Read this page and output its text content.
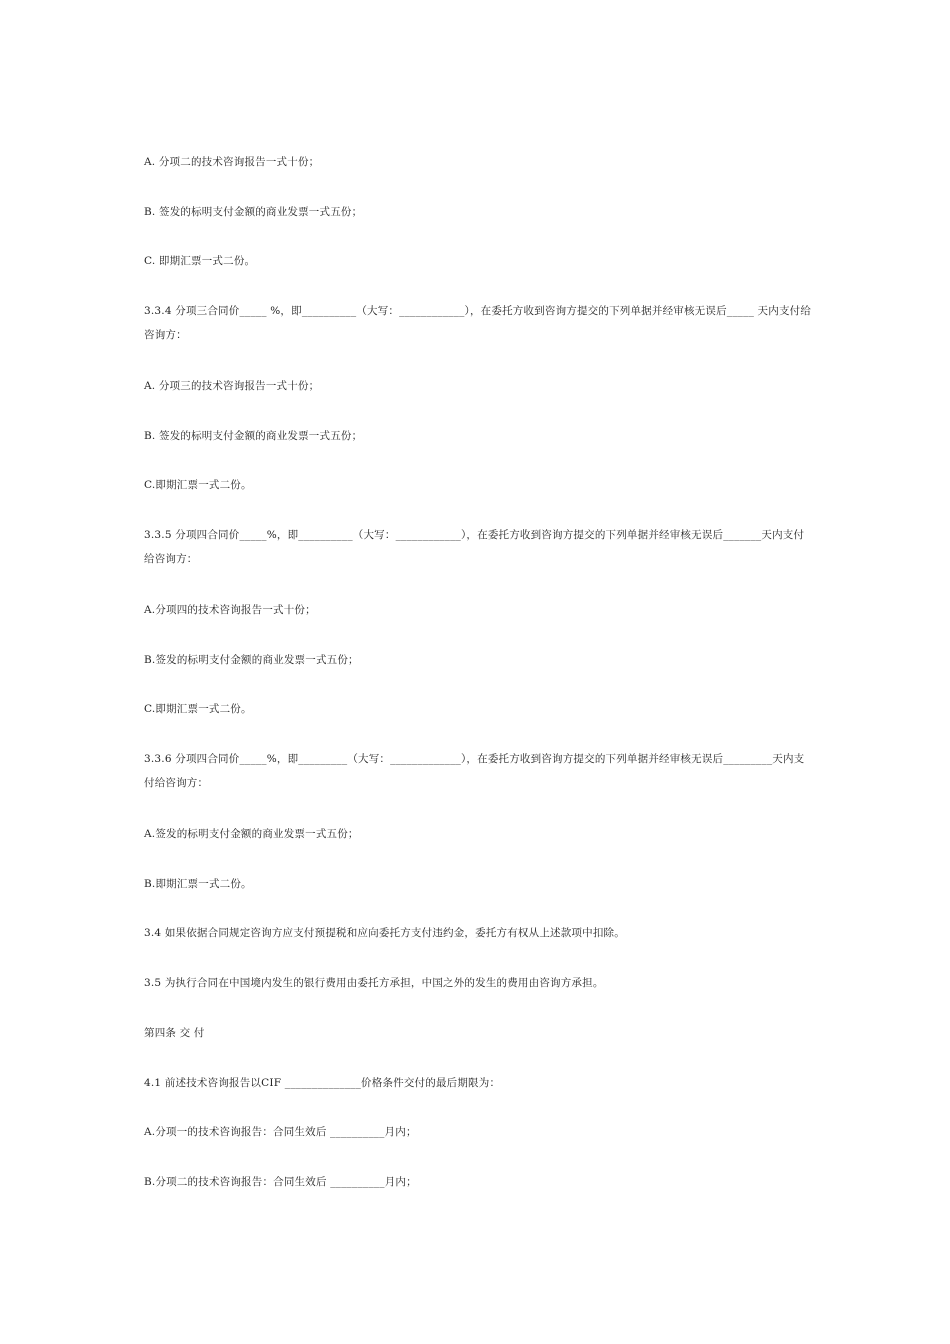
A. 分项二的技术咨询报告一式十份；
B. 签发的标明支付金额的商业发票一式五份；
C. 即期汇票一式二份。
3.3.4 分项三合同价_____ %，即__________（大写：____________），在委托方收到咨询方提交的下列单据并经审核无误后_____ 天内支付给咨询方：
A. 分项三的技术咨询报告一式十份；
B. 签发的标明支付金额的商业发票一式五份；
C.即期汇票一式二份。
3.3.5 分项四合同价_____%，即__________（大写：____________），在委托方收到咨询方提交的下列单据并经审核无误后_______天内支付给咨询方：
A.分项四的技术咨询报告一式十份；
B.签发的标明支付金额的商业发票一式五份；
C.即期汇票一式二份。
3.3.6 分项四合同价_____%，即_________（大写：_____________），在委托方收到咨询方提交的下列单据并经审核无误后_________天内支付给咨询方：
A.签发的标明支付金额的商业发票一式五份；
B.即期汇票一式二份。
3.4 如果依据合同规定咨询方应支付预提税和应向委托方支付违约金，委托方有权从上述款项中扣除。
3.5 为执行合同在中国境内发生的银行费用由委托方承担，中国之外的发生的费用由咨询方承担。
第四条 交 付
4.1 前述技术咨询报告以CIF ______________价格条件交付的最后期限为：
A.分项一的技术咨询报告：合同生效后 __________月内；
B.分项二的技术咨询报告：合同生效后 __________月内；
